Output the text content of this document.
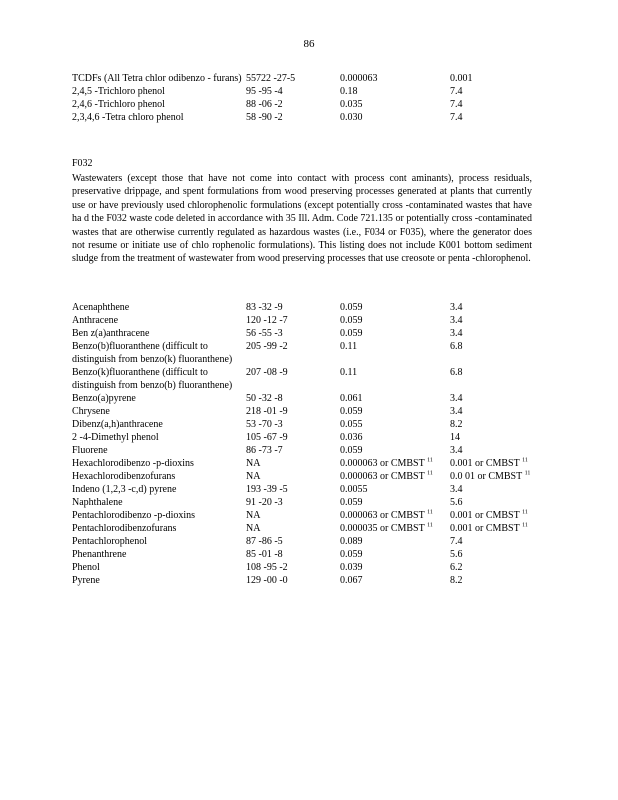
86
TCDFs (All Tetra chlor odibenzo - furans)	55722 -27-5	0.000063	0.001
2,4,5 -Trichloro phenol	95 -95 -4	0.18	7.4
2,4,6 -Trichloro phenol	88 -06 -2	0.035	7.4
2,3,4,6 -Tetra chloro phenol	58 -90 -2	0.030	7.4
F032
Wastewaters (except those that have not come into contact with process cont aminants), process residuals, preservative drippage, and spent formulations from wood preserving processes generated at plants that currently use or have previously used chlorophenolic formulations (except potentially cross -contaminated wastes that have ha d the F032 waste code deleted in accordance with 35 Ill. Adm. Code 721.135 or potentially cross -contaminated wastes that are otherwise currently regulated as hazardous wastes (i.e., F034 or F035), where the generator does not resume or initiate use of chlo rophenolic formulations). This listing does not include K001 bottom sediment sludge from the treatment of wastewater from wood preserving processes that use creosote or penta -chlorophenol.
Acenaphthene	83 -32 -9	0.059	3.4
Anthracene	120 -12 -7	0.059	3.4
Ben z(a)anthracene	56 -55 -3	0.059	3.4
Benzo(b)fluoranthene (difficult to distinguish from benzo(k) fluoranthene)	205 -99 -2	0.11	6.8
Benzo(k)fluoranthene (difficult to distinguish from benzo(b) fluoranthene)	207 -08 -9	0.11	6.8
Benzo(a)pyrene	50 -32 -8	0.061	3.4
Chrysene	218 -01 -9	0.059	3.4
Dibenz(a,h)anthracene	53 -70 -3	0.055	8.2
2 -4-Dimethyl phenol	105 -67 -9	0.036	14
Fluorene	86 -73 -7	0.059	3.4
Hexachlorodibenzo -p-dioxins	NA	0.000063 or CMBST $^{11}$	0.001 or CMBST $^{11}$
Hexachlorodibenzofurans	NA	0.000063 or CMBST $^{11}$	0.0 01 or CMBST $^{11}$
Indeno (1,2,3 -c,d) pyrene	193 -39 -5	0.0055	3.4
Naphthalene	91 -20 -3	0.059	5.6
Pentachlorodibenzo -p-dioxins	NA	0.000063 or CMBST $^{11}$	0.001 or CMBST $^{11}$
Pentachlorodibenzofurans	NA	0.000035 or CMBST $^{11}$	0.001 or CMBST $^{11}$
Pentachlorophenol	87 -86 -5	0.089	7.4
Phenanthrene	85 -01 -8	0.059	5.6
Phenol	108 -95 -2	0.039	6.2
Pyrene	129 -00 -0	0.067	8.2
